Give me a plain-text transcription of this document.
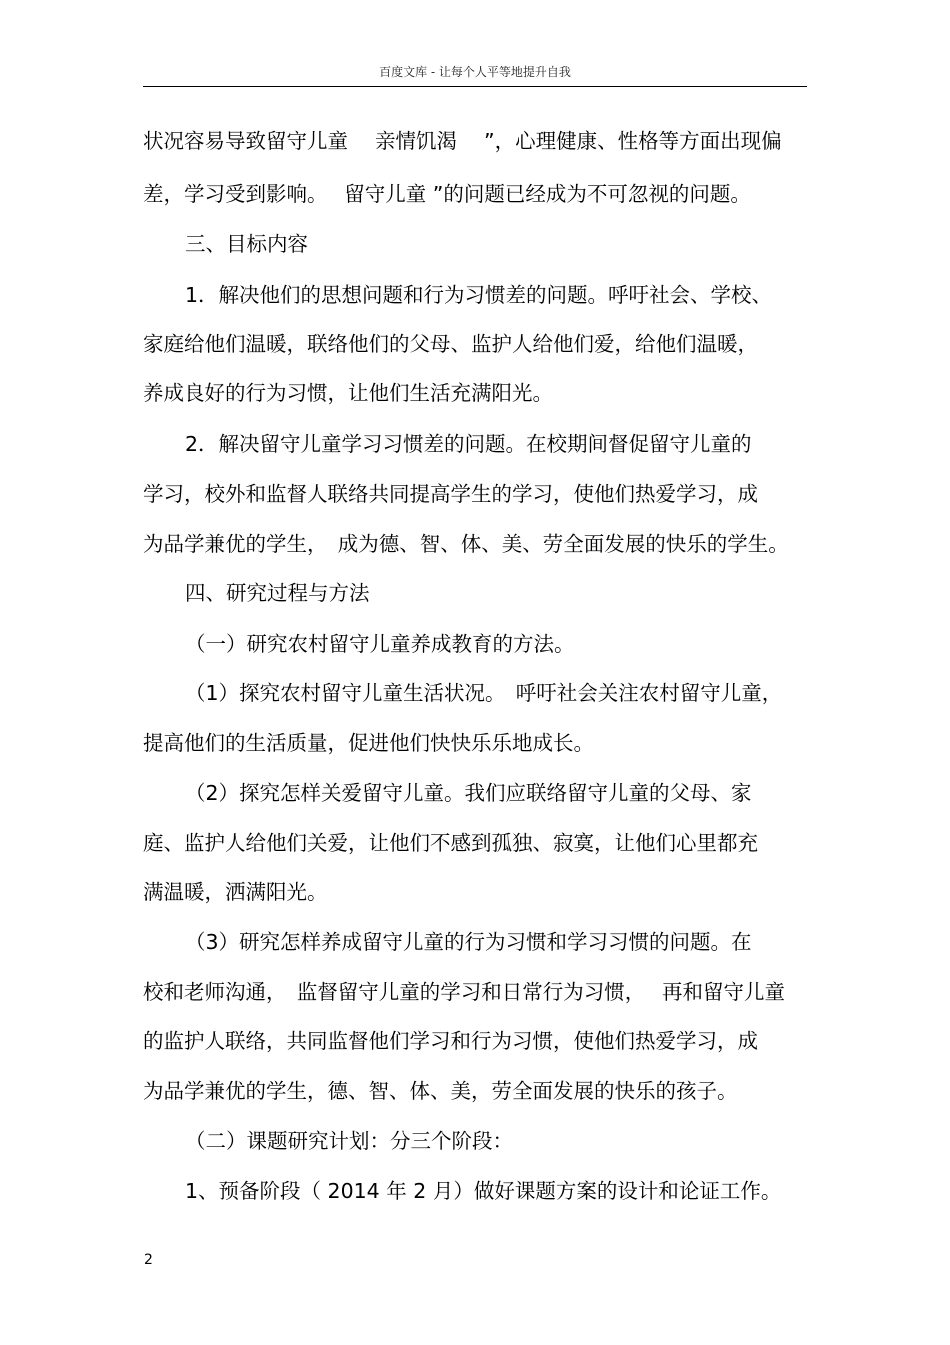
百度文库 - 让每个人平等地提升自我

状况容易导致留守儿童　 亲情饥渴　 ”，心理健康、性格等方面出现偏

差，学习受到影响。　 留守儿童 ”的问题已经成为不可忽视的问题。

三、目标内容

1．解决他们的思想问题和行为习惯差的问题。呼吁社会、学校、

家庭给他们温暖，联络他们的父母、监护人给他们爱，给他们温暖，

养成良好的行为习惯，让他们生活充满阳光。

2．解决留守儿童学习习惯差的问题。在校期间督促留守儿童的

学习，校外和监督人联络共同提高学生的学习，使他们热爱学习，成

为品学兼优的学生，　成为德、智、体、美、劳全面发展的快乐的学生。

四、研究过程与方法

（一）研究农村留守儿童养成教育的方法。

（1）探究农村留守儿童生活状况。　呼吁社会关注农村留守儿童，

提高他们的生活质量，促进他们快快乐乐地成长。

（2）探究怎样关爱留守儿童。我们应联络留守儿童的父母、家

庭、监护人给他们关爱，让他们不感到孤独、寂寞，让他们心里都充

满温暖，洒满阳光。

（3）研究怎样养成留守儿童的行为习惯和学习习惯的问题。在

校和老师沟通，　监督留守儿童的学习和日常行为习惯，　 再和留守儿童

的监护人联络，共同监督他们学习和行为习惯，使他们热爱学习，成

为品学兼优的学生，德、智、体、美，劳全面发展的快乐的孩子。

（二）课题研究计划：分三个阶段：

1、预备阶段（ 2014 年 2 月）做好课题方案的设计和论证工作。

2
